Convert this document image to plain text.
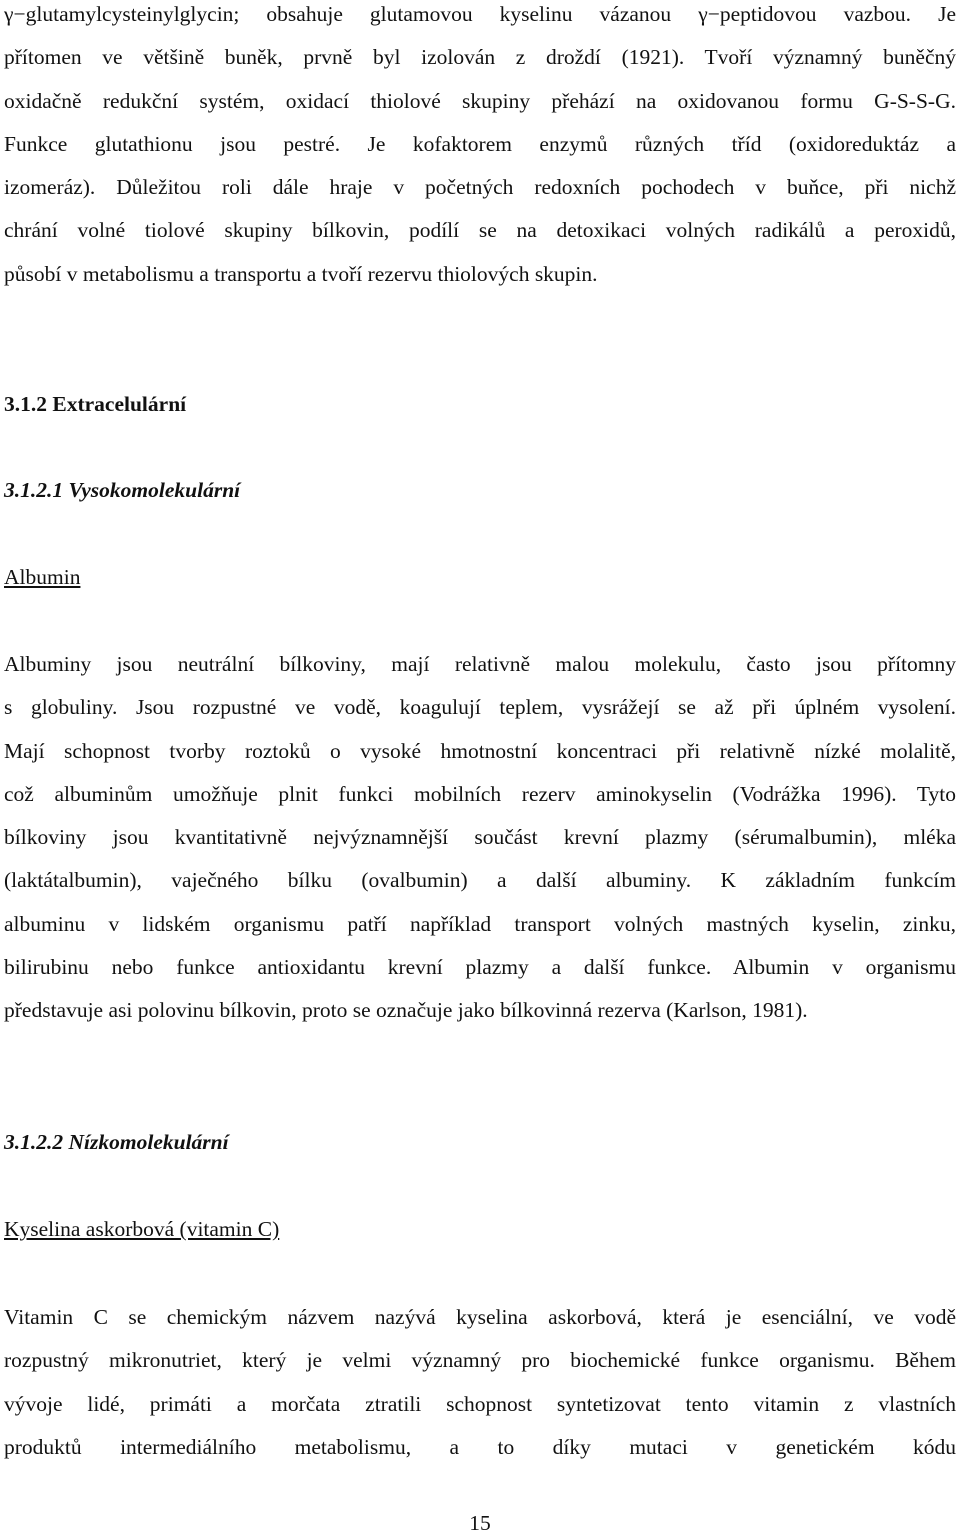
γ−glutamylcysteinylglycin; obsahuje glutamovou kyselinu vázanou γ−peptidovou vazbou. Je
přítomen ve většině buněk, prvně byl izolován z droždí (1921). Tvoří významný buněčný
oxidačně redukční systém, oxidací thiolové skupiny přehází na oxidovanou formu G-S-S-G.
Funkce glutathionu jsou pestré. Je kofaktorem enzymů různých tříd (oxidoreduktáz a
izomeráz). Důležitou roli dále hraje v početných redoxních pochodech v buňce, při nichž
chrání volné tiolové skupiny bílkovin, podílí se na detoxikaci volných radikálů a peroxidů,
působí v metabolismu a transportu a tvoří rezervu thiolových skupin.
3.1.2 Extracelulární
3.1.2.1 Vysokomolekulární
Albumin
Albuminy jsou neutrální bílkoviny, mají relativně malou molekulu, často jsou přítomny
s globuliny. Jsou rozpustné ve vodě, koagulují teplem, vysrážejí se až při úplném vysolení.
Mají schopnost tvorby roztoků o vysoké hmotnostní koncentraci při relativně nízké molalitě,
což albuminům umožňuje plnit funkci mobilních rezerv aminokyselin (Vodrážka 1996). Tyto
bílkoviny jsou kvantitativně nejvýznamnější součást krevní plazmy (sérumalbumin), mléka
(laktátalbumin), vaječného bílku (ovalbumin) a další albuminy. K základním funkcím
albuminu v lidském organismu patří například transport volných mastných kyselin, zinku,
bilirubinu nebo funkce antioxidantu krevní plazmy a další funkce. Albumin v organismu
představuje asi polovinu bílkovin, proto se označuje jako bílkovinná rezerva (Karlson, 1981).
3.1.2.2 Nízkomolekulární
Kyselina askorbová (vitamin C)
Vitamin C se chemickým názvem nazývá kyselina askorbová, která je esenciální, ve vodě
rozpustný mikronutriet, který je velmi významný pro biochemické funkce organismu. Během
vývoje lidé, primáti a morčata ztratili schopnost syntetizovat tento vitamin z vlastních
produktů intermediálního metabolismu, a to díky mutaci v genetickém kódu
15
